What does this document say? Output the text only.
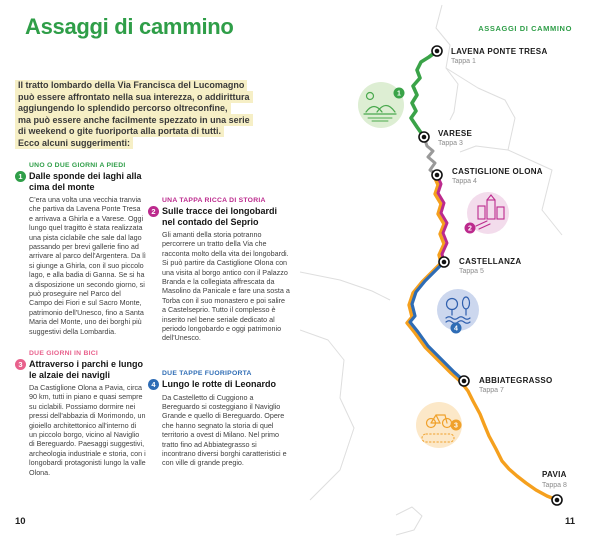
Assaggi di cammino	ASSAGGI DI CAMMINO
Il tratto lombardo della Via Francisca del Lucomagno
può essere affrontato nella sua interezza, o addirittura
aggiungendo lo splendido percorso oltreconfine,
ma può essere anche facilmente spezzato in una serie
di weekend o gite fuoriporta alla portata di tutti.
Ecco alcuni suggerimenti:
UNO O DUE GIORNI A PIEDI
1 Dalle sponde dei laghi alla cima del monte
C'era una volta una vecchia tranvia che partiva da Lavena Ponte Tresa e arrivava a Ghirla e a Varese. Oggi lungo quel tragitto è stata realizzata una pista ciclabile che sale dal lago passando per brevi gallerie fino ad arrivare al parco dell'Argentera. Da lì si giunge a Ghirla, con il suo piccolo lago, e alla badia di Ganna. Se si ha a disposizione un secondo giorno, si può proseguire nel Parco del Campo dei Fiori e sul Sacro Monte, patrimonio dell'Unesco, fino a Santa Maria del Monte, uno dei borghi più suggestivi della Lombardia.
UNA TAPPA RICCA DI STORIA
2 Sulle tracce dei longobardi nel contado del Seprio
Gli amanti della storia potranno percorrere un tratto della Via che racconta molto della vita dei longobardi. Si può partire da Castiglione Olona con una visita al borgo antico con il Palazzo Branda e la collegiata affrescata da Masolino da Panicale e fare una sosta a Torba con il suo monastero e poi salire a Castelseprio. Tutto il complesso è inserito nel bene seriale dedicato al periodo longobardo e oggi patrimonio dell'Unesco.
DUE GIORNI IN BICI
3 Attraverso i parchi e lungo le alzaie dei navigli
Da Castiglione Olona a Pavia, circa 90 km, tutti in piano e quasi sempre su ciclabili. Possiamo dormire nei pressi dell'abbazia di Morimondo, un gioiello architettonico all'interno di un piccolo borgo, vicino al Naviglio di Bereguardo. Paesaggi suggestivi, archeologia industriale e storia, con i longobardi protagonisti lungo la valle Olona.
DUE TAPPE FUORIPORTA
4 Lungo le rotte di Leonardo
Da Castelletto di Cuggiono a Bereguardo si costeggiano il Naviglio Grande e quello di Bereguardo. Opere che hanno segnato la storia di quel territorio a ovest di Milano. Nel primo tratto fino ad Abbiategrasso si incontrano diversi borghi caratteristici e con ville di grande pregio.
10	11
1
2
4
3
LAVENA PONTE TRESA
Tappa 1
VARESE
Tappa 3
CASTIGLIONE OLONA
Tappa 4
CASTELLANZA
Tappa 5
ABBIATEGRASSO
Tappa 7
PAVIA
Tappa 8
